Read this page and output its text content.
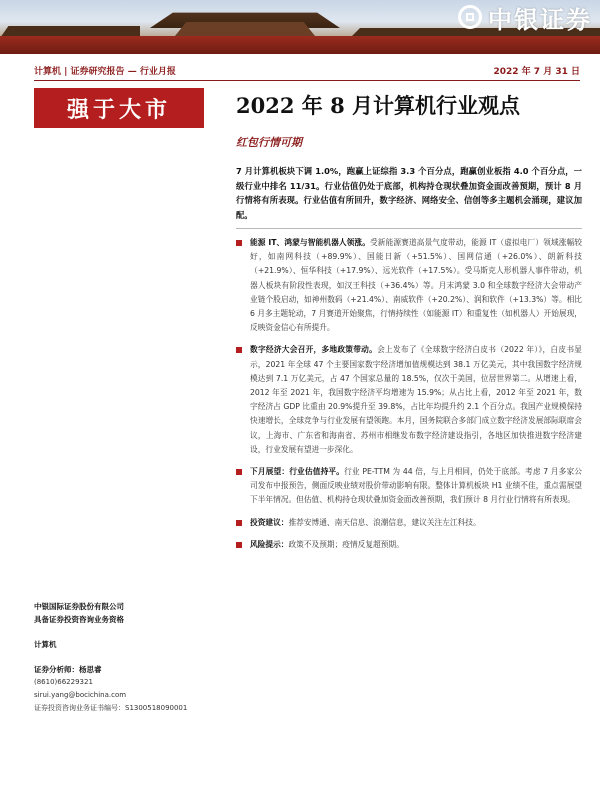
中银证券
计算机 | 证券研究报告 — 行业月报	2022 年 7 月 31 日
强于大市	2022 年 8 月计算机行业观点
红包行情可期
7 月计算机板块下调 1.0%，跑赢上证综指 3.3 个百分点，跑赢创业板指 4.0 个百分点，一级行业中排名 11/31。行业估值仍处于底部，机构持仓现状叠加资金面改善预期，预计 8 月行情将有所表现。行业估值有所回升，数字经济、网络安全、信创等多主题机会涌现，建议加配。
能源 IT、鸿蒙与智能机器人领涨。受新能源赛道高景气度带动，能源 IT（虚拟电厂）领域涨幅较好，如南网科技（+89.9%）、国能日新（+51.5%）、国网信通（+26.0%）、朗新科技（+21.9%）、恒华科技（+17.9%）、远光软件（+17.5%）。受马斯克人形机器人事件带动，机器人板块有阶段性表现，如汉王科技（+36.4%）等。月末鸿蒙 3.0 和全球数字经济大会带动产业链个股启动，如神州数码（+21.4%）、南威软件（+20.2%）、润和软件（+13.3%）等。相比 6 月多主题轮动，7 月赛道开始聚焦，行情持续性（如能源 IT）和重复性（如机器人）开始展现，反映资金信心有所提升。
数字经济大会召开，多地政策带动。会上发布了《全球数字经济白皮书（2022 年）》，白皮书显示，2021 年全球 47 个主要国家数字经济增加值规模达到 38.1 万亿美元，其中我国数字经济规模达到 7.1 万亿美元，占 47 个国家总量的 18.5%，仅次于美国，位居世界第二。从增速上看，2012 年至 2021 年，我国数字经济平均增速为 15.9%；从占比上看，2012 年至 2021 年，数字经济占 GDP 比重由 20.9%提升至 39.8%，占比年均提升约 2.1 个百分点。我国产业规模保持快速增长，全球竞争与行业发展有望领跑。本月，国务院联合多部门成立数字经济发展部际联席会议，上海市、广东省和海南省、苏州市相继发布数字经济建设指引，各地区加快推进数字经济建设，行业发展有望进一步深化。
下月展望：行业估值持平。行业 PE-TTM 为 44 倍，与上月相同，仍处于底部。考虑 7 月多家公司发布中报预告，侧面反映业绩对股价带动影响有限。整体计算机板块 H1 业绩不佳，重点需展望下半年情况。但估值、机构持仓现状叠加资金面改善预期，我们预计 8 月行业行情将有所表现。
投资建议：推荐安博通、南天信息、浪潮信息，建议关注左江科技。
风险提示：政策不及预期；疫情反复超预期。
中银国际证券股份有限公司
具备证券投资咨询业务资格
计算机
证券分析师：杨思睿
(8610)66229321
sirui.yang@bocichina.com
证券投资咨询业务证书编号：S1300518090001
